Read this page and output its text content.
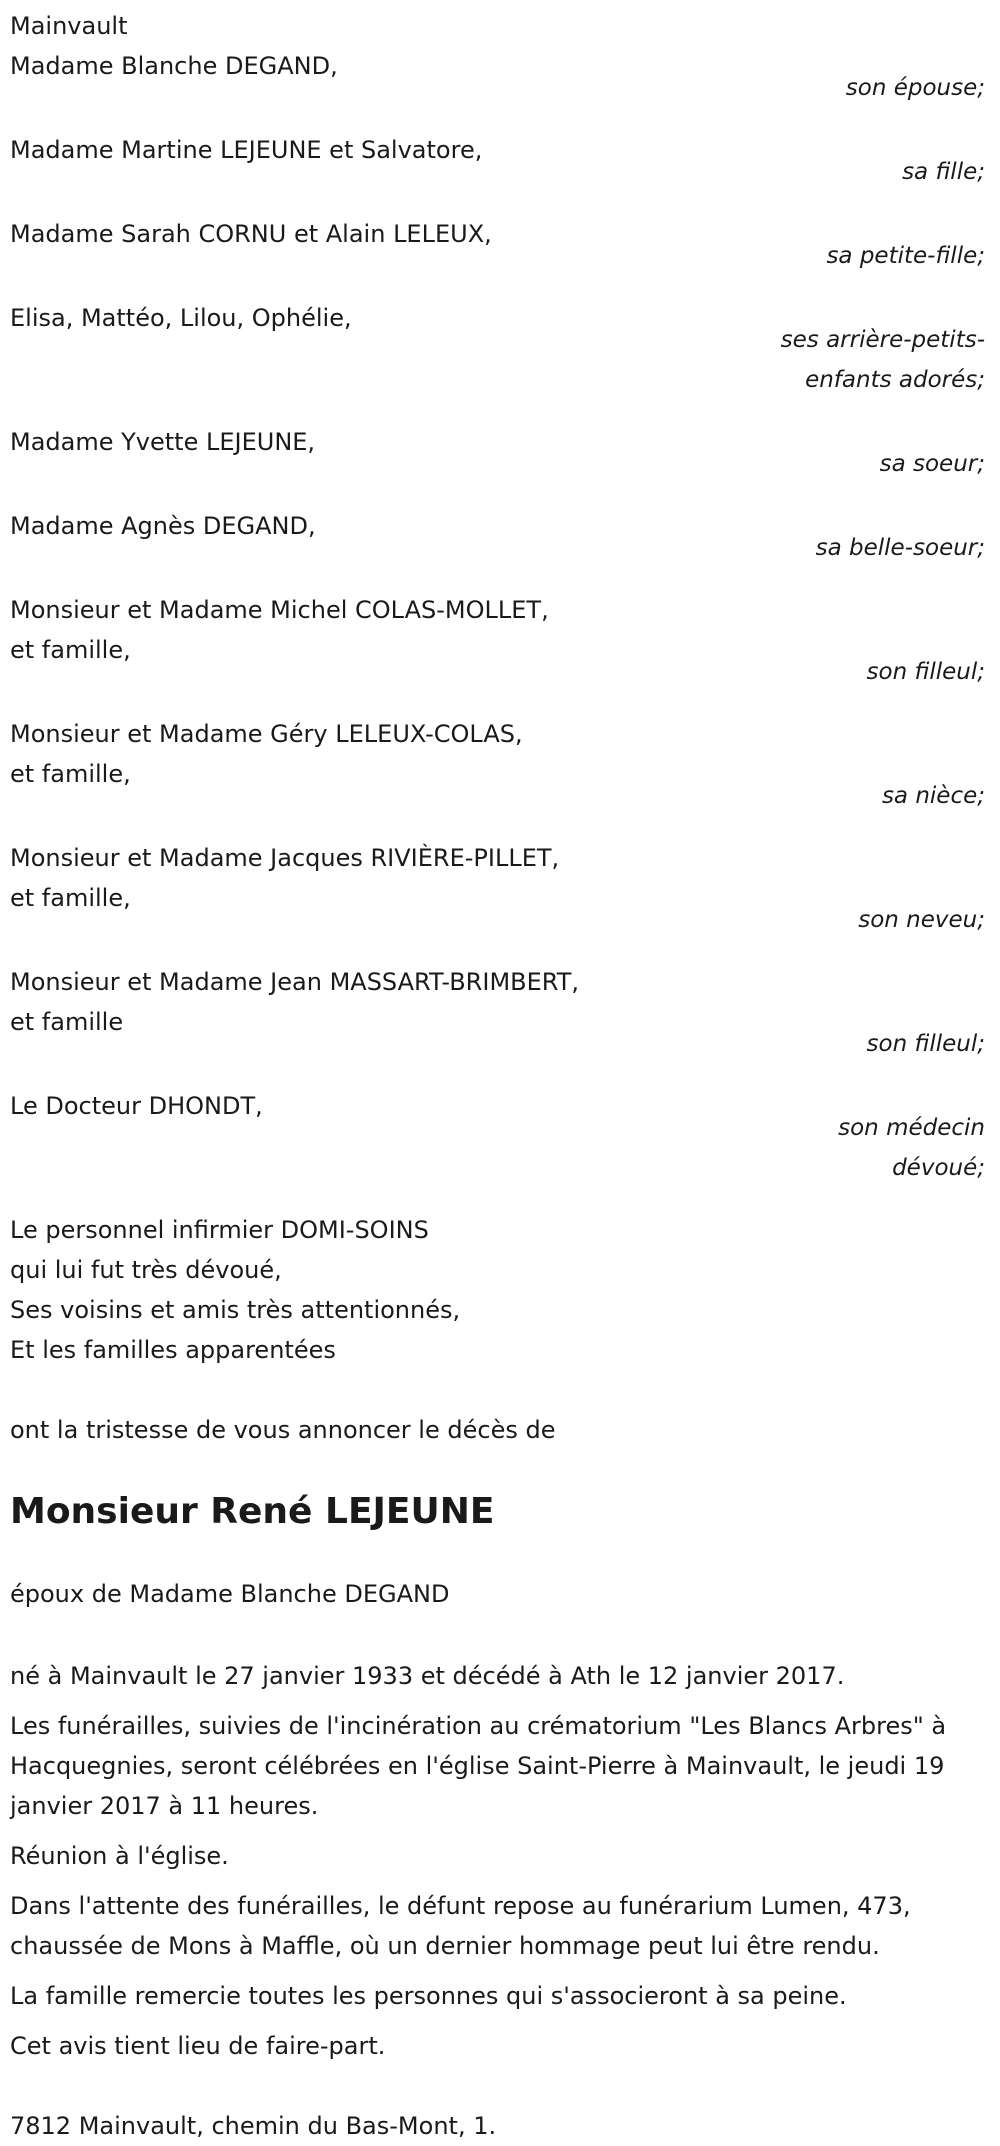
Mainvault
Madame Blanche DEGAND,
son épouse;
Madame Martine LEJEUNE et Salvatore,
sa fille;
Madame Sarah CORNU et Alain LELEUX,
sa petite-fille;
Elisa, Mattéo, Lilou, Ophélie,
ses arrière-petits-enfants adorés;
Madame Yvette LEJEUNE,
sa soeur;
Madame Agnès DEGAND,
sa belle-soeur;
Monsieur et Madame Michel COLAS-MOLLET,
et famille,
son filleul;
Monsieur et Madame Géry LELEUX-COLAS,
et famille,
sa nièce;
Monsieur et Madame Jacques RIVIÈRE-PILLET,
et famille,
son neveu;
Monsieur et Madame Jean MASSART-BRIMBERT,
et famille
son filleul;
Le Docteur DHONDT,
son médecin dévoué;
Le personnel infirmier DOMI-SOINS
qui lui fut très dévoué,
Ses voisins et amis très attentionnés,
Et les familles apparentées
ont la tristesse de vous annoncer le décès de
Monsieur René LEJEUNE
époux de Madame Blanche DEGAND
né à Mainvault le 27 janvier 1933 et décédé à Ath le 12 janvier 2017.
Les funérailles, suivies de l'incinération au crématorium "Les Blancs Arbres" à Hacquegnies, seront célébrées en l'église Saint-Pierre à Mainvault, le jeudi 19 janvier 2017 à 11 heures.
Réunion à l'église.
Dans l'attente des funérailles, le défunt repose au funérarium Lumen, 473, chaussée de Mons à Maffle, où un dernier hommage peut lui être rendu.
La famille remercie toutes les personnes qui s'associeront à sa peine.
Cet avis tient lieu de faire-part.
7812 Mainvault, chemin du Bas-Mont, 1.
